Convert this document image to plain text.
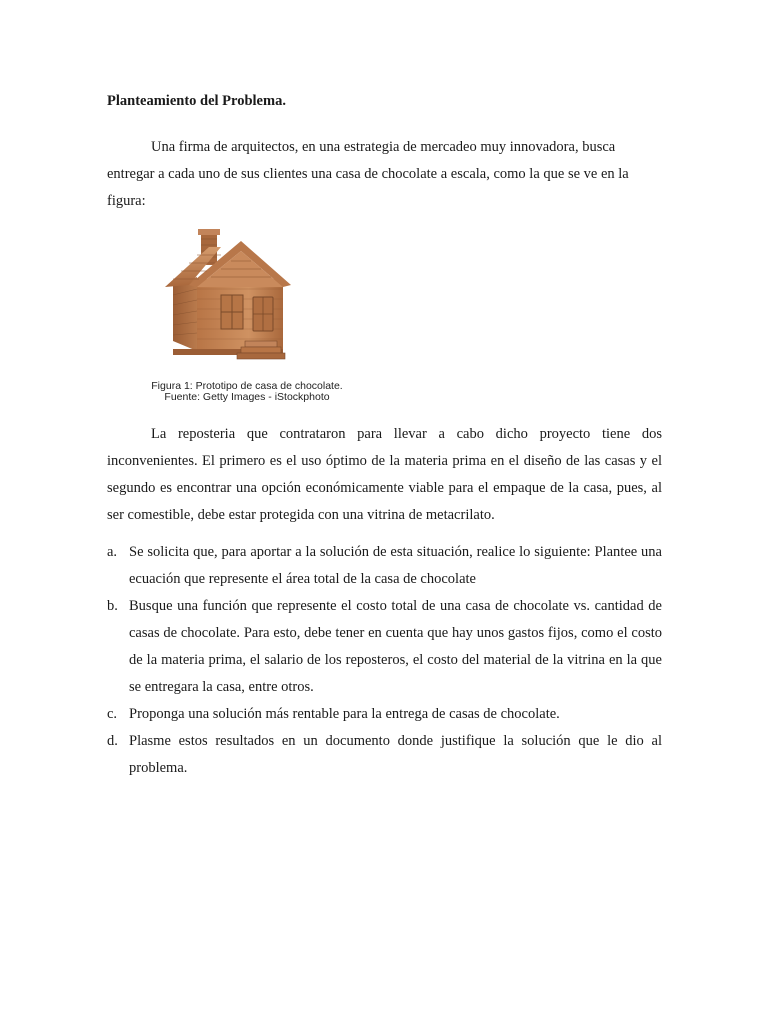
Planteamiento del Problema.
Una firma de arquitectos, en una estrategia de mercadeo muy innovadora, busca entregar a cada uno de sus clientes una casa de chocolate a escala, como la que se ve en la figura:
Figura 1: Prototipo de casa de chocolate.
Fuente: Getty Images - iStockphoto
La reposteria que contrataron para llevar a cabo dicho proyecto tiene dos inconvenientes. El primero es el uso óptimo de la materia prima en el diseño de las casas y el segundo es encontrar una opción económicamente viable para el empaque de la casa, pues, al ser comestible, debe estar protegida con una vitrina de metacrilato.
a. Se solicita que, para aportar a la solución de esta situación, realice lo siguiente: Plantee una ecuación que represente el área total de la casa de chocolate
b. Busque una función que represente el costo total de una casa de chocolate vs. cantidad de casas de chocolate. Para esto, debe tener en cuenta que hay unos gastos fijos, como el costo de la materia prima, el salario de los reposteros, el costo del material de la vitrina en la que se entregara la casa, entre otros.
c. Proponga una solución más rentable para la entrega de casas de chocolate.
d. Plasme estos resultados en un documento donde justifique la solución que le dio al problema.
